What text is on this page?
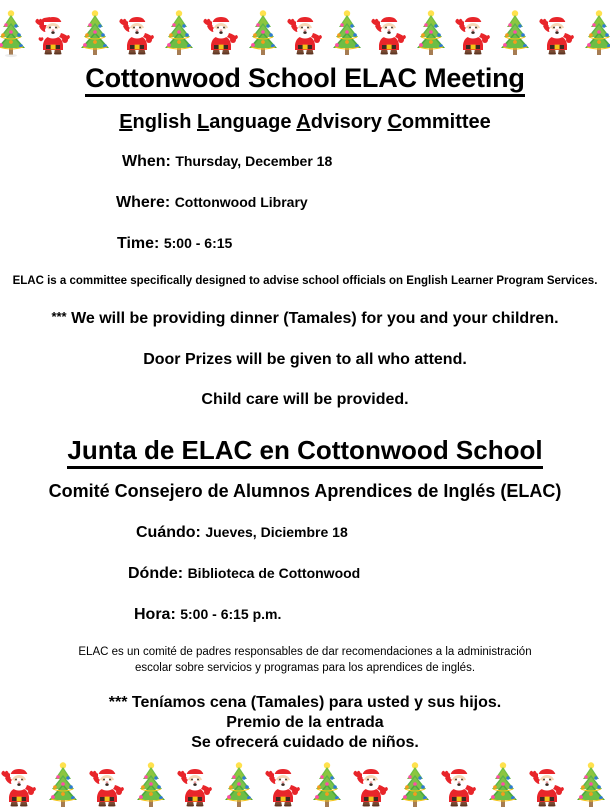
Cottonwood School ELAC Meeting
English Language Advisory Committee
When: Thursday, December 18
Where: Cottonwood Library
Time: 5:00 - 6:15
ELAC is a committee specifically designed to advise school officials on English Learner Program Services.
*** We will be providing dinner (Tamales) for you and your children.
Door Prizes will be given to all who attend.
Child care will be provided.
Junta de ELAC en Cottonwood School
Comité Consejero de Alumnos Aprendices de Inglés (ELAC)
Cuándo: Jueves, Diciembre 18
Dónde: Biblioteca de Cottonwood
Hora: 5:00 - 6:15 p.m.
ELAC es un comité de padres responsables de dar recomendaciones a la administración
escolar sobre servicios y programas para los aprendices de inglés.
*** Teníamos cena (Tamales) para usted y sus hijos.
Premio de la entrada
Se ofrecerá cuidado de niños.
